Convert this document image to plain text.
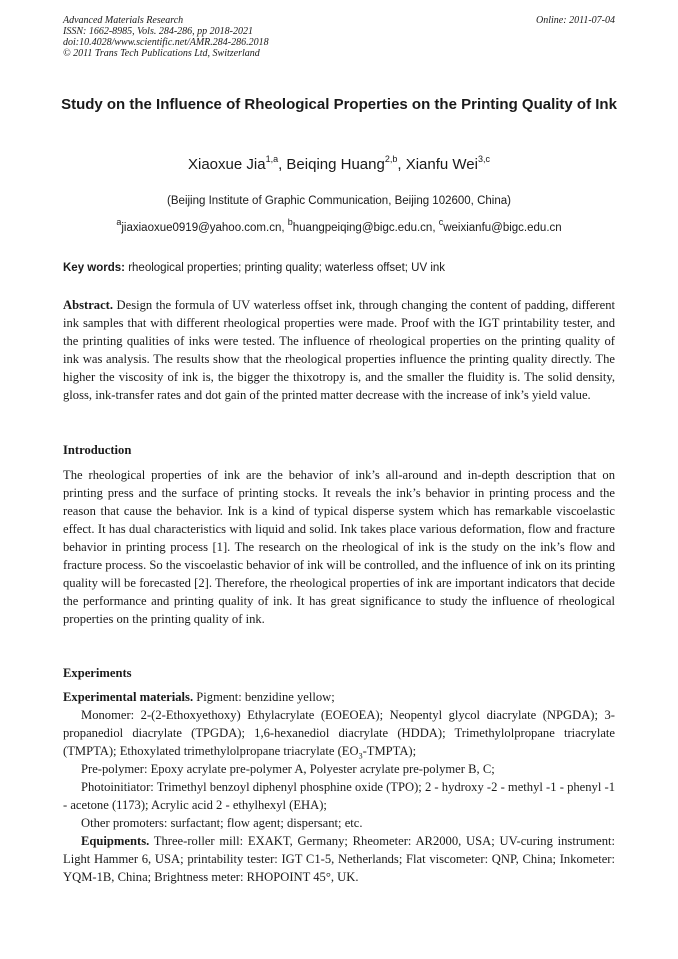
Advanced Materials Research
ISSN: 1662-8985, Vols. 284-286, pp 2018-2021
doi:10.4028/www.scientific.net/AMR.284-286.2018
© 2011 Trans Tech Publications Ltd, Switzerland
Online: 2011-07-04
Study on the Influence of Rheological Properties on the Printing Quality of Ink
Xiaoxue Jia$^{1,a}$, Beiqing Huang$^{2,b}$, Xianfu Wei$^{3,c}$
(Beijing Institute of Graphic Communication, Beijing 102600, China)
$^a$jiaxiaoxue0919@yahoo.com.cn, $^b$huangpeiqing@bigc.edu.cn, $^c$weixianfu@bigc.edu.cn
Key words: rheological properties; printing quality; waterless offset; UV ink
Abstract. Design the formula of UV waterless offset ink, through changing the content of padding, different ink samples that with different rheological properties were made. Proof with the IGT printability tester, and the printing qualities of inks were tested. The influence of rheological properties on the printing quality of ink was analysis. The results show that the rheological properties influence the printing quality directly. The higher the viscosity of ink is, the bigger the thixotropy is, and the smaller the fluidity is. The solid density, gloss, ink-transfer rates and dot gain of the printed matter decrease with the increase of ink’s yield value.
Introduction
The rheological properties of ink are the behavior of ink’s all-around and in-depth description that on printing press and the surface of printing stocks. It reveals the ink’s behavior in printing process and the reason that cause the behavior. Ink is a kind of typical disperse system which has remarkable viscoelastic effect. It has dual characteristics with liquid and solid. Ink takes place various deformation, flow and fracture behavior in printing process [1]. The research on the rheological of ink is the study on the ink’s flow and fracture process. So the viscoelastic behavior of ink will be controlled, and the influence of ink on its printing quality will be forecasted [2]. Therefore, the rheological properties of ink are important indicators that decide the performance and printing quality of ink. It has great significance to study the influence of rheological properties on the printing quality of ink.
Experiments

Experimental materials. Pigment: benzidine yellow;

Monomer: 2-(2-Ethoxyethoxy) Ethylacrylate (EOEOEA); Neopentyl glycol diacrylate (NPGDA); 3-propanediol diacrylate (TPGDA); 1,6-hexanediol diacrylate (HDDA); Trimethylolpropane triacrylate (TMPTA); Ethoxylated trimethylolpropane triacrylate $(EO_3-TMPTA)$;

Pre-polymer: Epoxy acrylate pre-polymer A, Polyester acrylate pre-polymer B, C;

Photoinitiator: Trimethyl benzoyl diphenyl phosphine oxide (TPO); 2 - hydroxy -2 - methyl -1 - phenyl -1 - acetone (1173); Acrylic acid 2 - ethylhexyl (EHA);

Other promoters: surfactant; flow agent; dispersant; etc.

Equipments. Three-roller mill: EXAKT, Germany; Rheometer: AR2000, USA; UV-curing instrument: Light Hammer 6, USA; printability tester: IGT C1-5, Netherlands; Flat viscometer: QNP, China; Inkometer: YQM-1B, China; Brightness meter: RHOPOINT 45°, UK.
